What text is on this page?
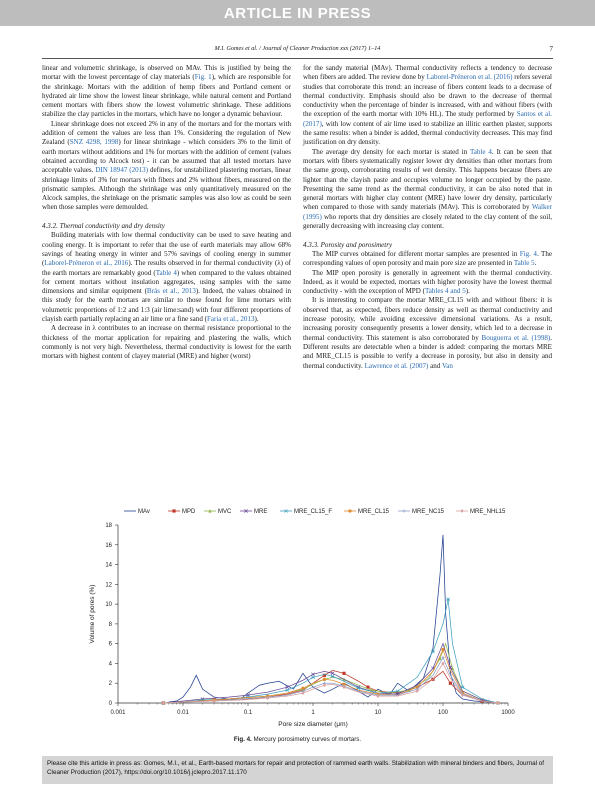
ARTICLE IN PRESS
M.I. Gomes et al. / Journal of Cleaner Production xxx (2017) 1–14	7

linear and volumetric shrinkage, is observed on MAv. This is justified by being the mortar with the lowest percentage of clay materials (Fig. 1), which are responsible for the shrinkage. Mortars with the addition of hemp fibers and Portland cement or hydrated air lime show the lowest linear shrinkage, while natural cement and Portland cement mortars with fibers show the lowest volumetric shrinkage. These additions stabilize the clay particles in the mortars, which have no longer a dynamic behaviour.

Linear shrinkage does not exceed 2% in any of the mortars and for the mortars with addition of cement the values are less than 1%. Considering the regulation of New Zealand (SNZ 4298, 1998) for linear shrinkage - which considers 3% to the limit of earth mortars without additions and 1% for mortars with the addition of cement (values obtained according to Alcock test) - it can be assumed that all tested mortars have acceptable values. DIN 18947 (2013) defines, for unstabilized plastering mortars, linear shrinkage limits of 3% for mortars with fibers and 2% without fibers, measured on the prismatic samples. Although the shrinkage was only quantitatively measured on the Alcock samples, the shrinkage on the prismatic samples was also low as could be seen when those samples were demoulded.

4.3.2. Thermal conductivity and dry density

Building materials with low thermal conductivity can be used to save heating and cooling energy. It is important to refer that the use of earth materials may allow 68% savings of heating energy in winter and 57% savings of cooling energy in summer (Laborel-Préneron et al., 2016). The results observed in for thermal conductivity (λ) of the earth mortars are remarkably good (Table 4) when compared to the values obtained for cement mortars without insulation aggregates, using samples with the same dimensions and similar equipment (Brás et al., 2013). Indeed, the values obtained in this study for the earth mortars are similar to those found for lime mortars with volumetric proportions of 1:2 and 1:3 (air lime:sand) with four different proportions of clayish earth partially replacing an air lime or a fine sand (Faria et al., 2013).

A decrease in λ contributes to an increase on thermal resistance proportional to the thickness of the mortar application for repairing and plastering the walls, which commonly is not very high. Nevertheless, thermal conductivity is lowest for the earth mortars with highest content of clayey material (MRE) and higher (worst)

for the sandy material (MAv). Thermal conductivity reflects a tendency to decrease when fibers are added. The review done by Laborel-Préneron et al. (2016) refers several studies that corroborate this trend: an increase of fibers content leads to a decrease of thermal conductivity. Emphasis should also be drawn to the decrease of thermal conductivity when the percentage of binder is increased, with and without fibers (with the exception of the earth mortar with 10% HL). The study performed by Santos et al. (2017), with low content of air lime used to stabilize an illitic earthen plaster, supports the same results: when a binder is added, thermal conductivity decreases. This may find justification on dry density.

The average dry density for each mortar is stated in Table 4. It can be seen that mortars with fibers systematically register lower dry densities than other mortars from the same group, corroborating results of wet density. This happens because fibers are lighter than the clayish paste and occupies volume no longer occupied by the paste. Presenting the same trend as the thermal conductivity, it can be also noted that in general mortars with higher clay content (MRE) have lower dry density, particularly when compared to those with sandy materials (MAv). This is corroborated by Walker (1995) who reports that dry densities are closely related to the clay content of the soil, generally decreasing with increasing clay content.

4.3.3. Porosity and porosimetry

The MIP curves obtained for different mortar samples are presented in Fig. 4. The corresponding values of open porosity and main pore size are presented in Table 5.

The MIP open porosity is generally in agreement with the thermal conductivity. Indeed, as it would be expected, mortars with higher porosity have the lowest thermal conductivity - with the exception of MPD (Tables 4 and 5).

It is interesting to compare the mortar MRE_CL15 with and without fibers: it is observed that, as expected, fibers reduce density as well as thermal conductivity and increase porosity, while avoiding excessive dimensional variations. As a result, increasing porosity consequently presents a lower density, which led to a decrease in thermal conductivity. This statement is also corroborated by Bouguerra et al. (1998). Different results are detectable when a binder is added: comparing the mortars MRE and MRE_CL15 is possible to verify a decrease in porosity, but also in density and thermal conductivity. Lawrence et al. (2007) and Van

0
2
4
6
8
10
12
14
16
18
0.001	0.01	0.1	1	10	100	1000
Pore size diameter (μm)
Volume of pores (%)
MAv	MPD	MVC	MRE	MRE_CL15_F	MRE_CL15	MRE_NC15	MRE_NHL15
Fig. 4. Mercury porosimetry curves of mortars.
Please cite this article in press as: Gomes, M.I., et al., Earth-based mortars for repair and protection of rammed earth walls. Stabilization with mineral binders and fibers, Journal of Cleaner Production (2017), https://doi.org/10.1016/j.jclepro.2017.11.170
